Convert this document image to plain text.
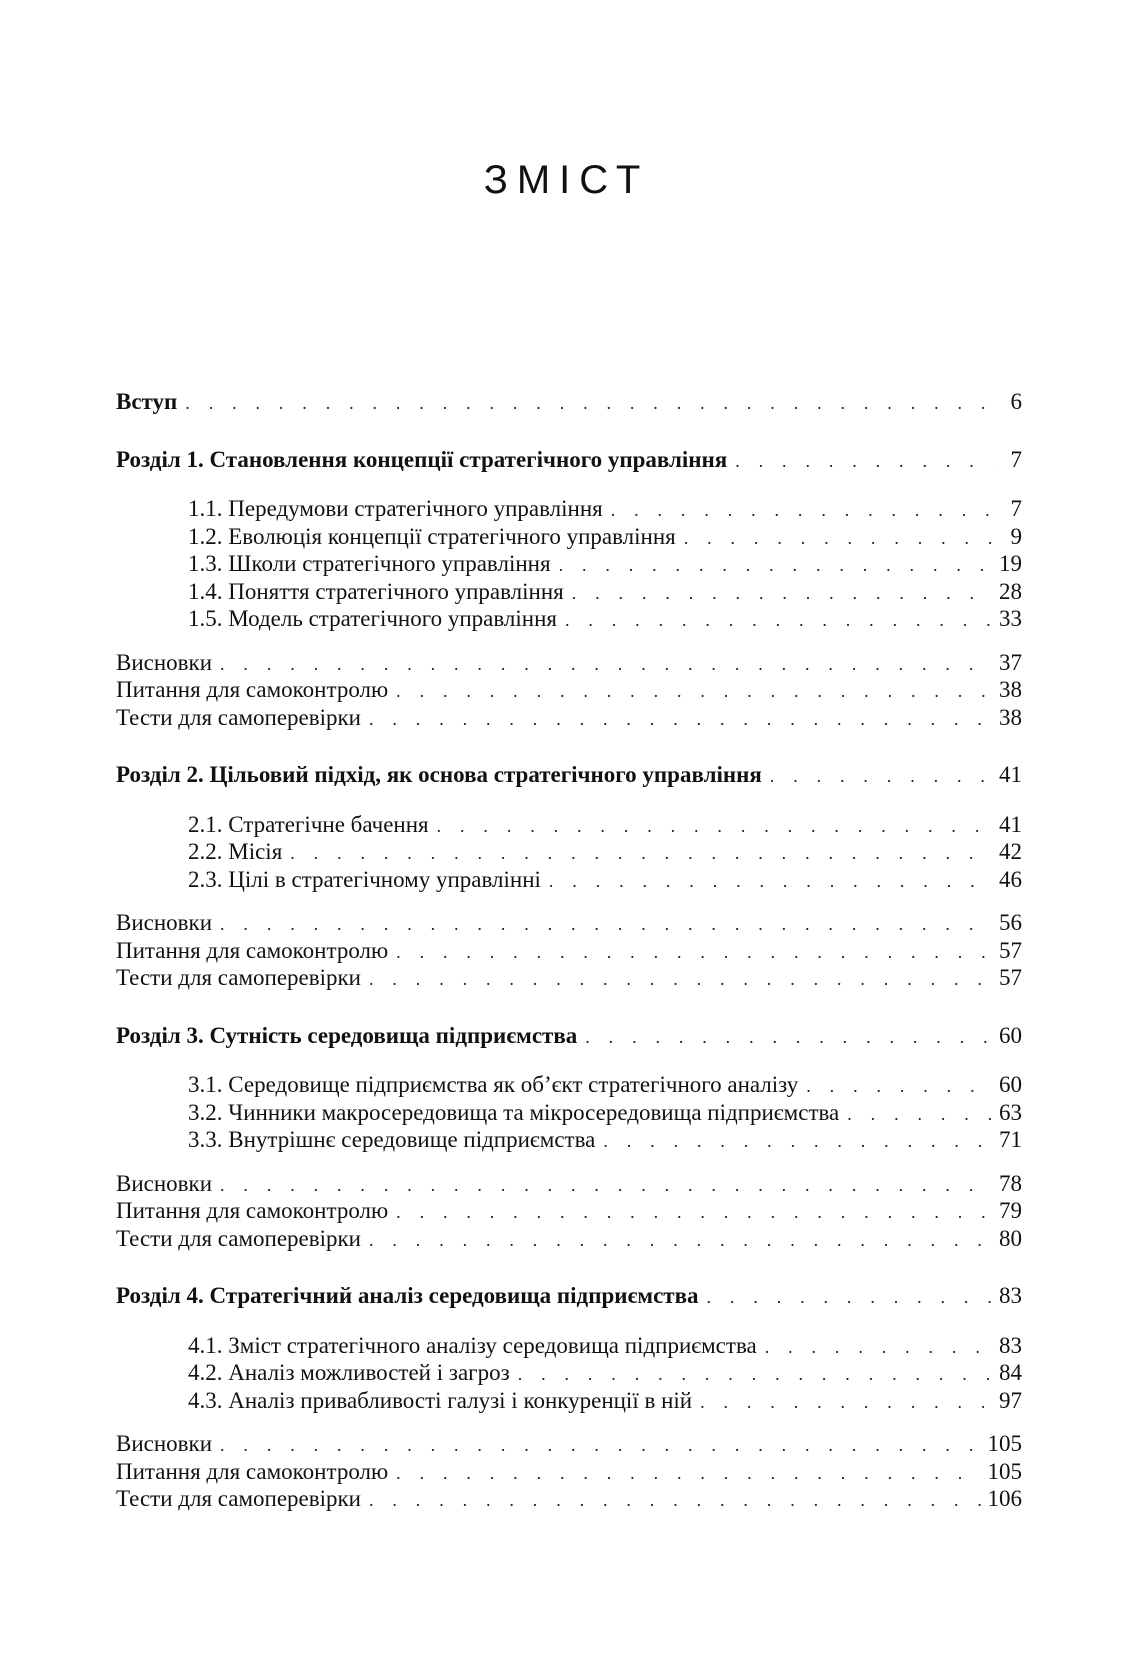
ЗМІСТ
Вступ . . .	6
Розділ 1. Становлення концепції стратегічного управління . . .	7
1.1. Передумови стратегічного управління . . .	7
1.2. Еволюція концепції стратегічного управління . . .	9
1.3. Школи стратегічного управління . . .	19
1.4. Поняття стратегічного управління . . .	28
1.5. Модель стратегічного управління . . .	33
Висновки . . .	37
Питання для самоконтролю . . .	38
Тести для самоперевірки . . .	38
Розділ 2. Цільовий підхід, як основа стратегічного управління . . .	41
2.1. Стратегічне бачення . . .	41
2.2. Місія . . .	42
2.3. Цілі в стратегічному управлінні . . .	46
Висновки . . .	56
Питання для самоконтролю . . .	57
Тести для самоперевірки . . .	57
Розділ 3. Сутність середовища підприємства . . .	60
3.1. Середовище підприємства як об’єкт стратегічного аналізу . . .	60
3.2. Чинники макросередовища та мікросередовища підприємства . . .	63
3.3. Внутрішнє середовище підприємства . . .	71
Висновки . . .	78
Питання для самоконтролю . . .	79
Тести для самоперевірки . . .	80
Розділ 4. Стратегічний аналіз середовища підприємства . . .	83
4.1. Зміст стратегічного аналізу середовища підприємства . . .	83
4.2. Аналіз можливостей і загроз . . .	84
4.3. Аналіз привабливості галузі і конкуренції в ній . . .	97
Висновки . . .	105
Питання для самоконтролю . . .	105
Тести для самоперевірки . . .	106
